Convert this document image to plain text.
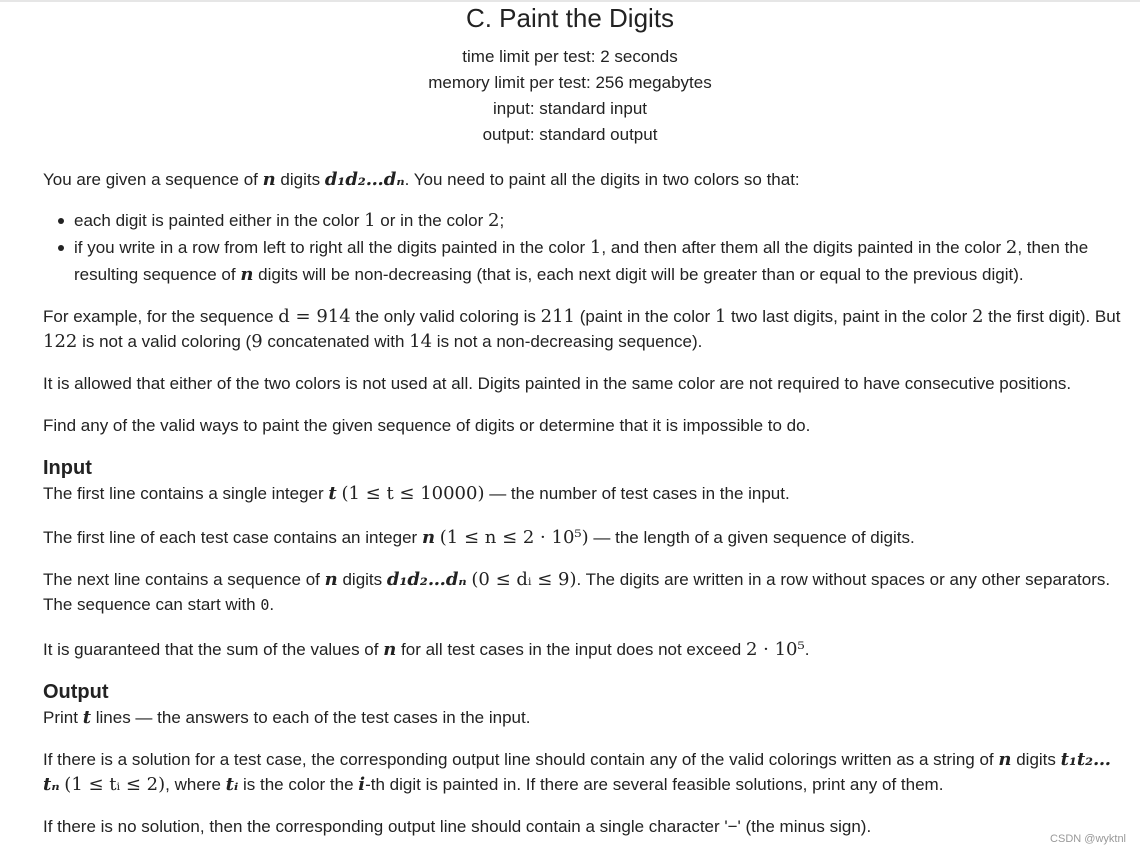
C. Paint the Digits
time limit per test: 2 seconds
memory limit per test: 256 megabytes
input: standard input
output: standard output
You are given a sequence of n digits d₁d₂…dₙ. You need to paint all the digits in two colors so that:
each digit is painted either in the color 1 or in the color 2;
if you write in a row from left to right all the digits painted in the color 1, and then after them all the digits painted in the color 2, then the resulting sequence of n digits will be non-decreasing (that is, each next digit will be greater than or equal to the previous digit).
For example, for the sequence d = 914 the only valid coloring is 211 (paint in the color 1 two last digits, paint in the color 2 the first digit). But 122 is not a valid coloring (9 concatenated with 14 is not a non-decreasing sequence).
It is allowed that either of the two colors is not used at all. Digits painted in the same color are not required to have consecutive positions.
Find any of the valid ways to paint the given sequence of digits or determine that it is impossible to do.
Input
The first line contains a single integer t (1 ≤ t ≤ 10000) — the number of test cases in the input.
The first line of each test case contains an integer n (1 ≤ n ≤ 2 · 10⁵) — the length of a given sequence of digits.
The next line contains a sequence of n digits d₁d₂…dₙ (0 ≤ dᵢ ≤ 9). The digits are written in a row without spaces or any other separators. The sequence can start with 0.
It is guaranteed that the sum of the values of n for all test cases in the input does not exceed 2 · 10⁵.
Output
Print t lines — the answers to each of the test cases in the input.
If there is a solution for a test case, the corresponding output line should contain any of the valid colorings written as a string of n digits t₁t₂…tₙ (1 ≤ tᵢ ≤ 2), where tᵢ is the color the i-th digit is painted in. If there are several feasible solutions, print any of them.
If there is no solution, then the corresponding output line should contain a single character '−' (the minus sign).
CSDN @wyktnl
